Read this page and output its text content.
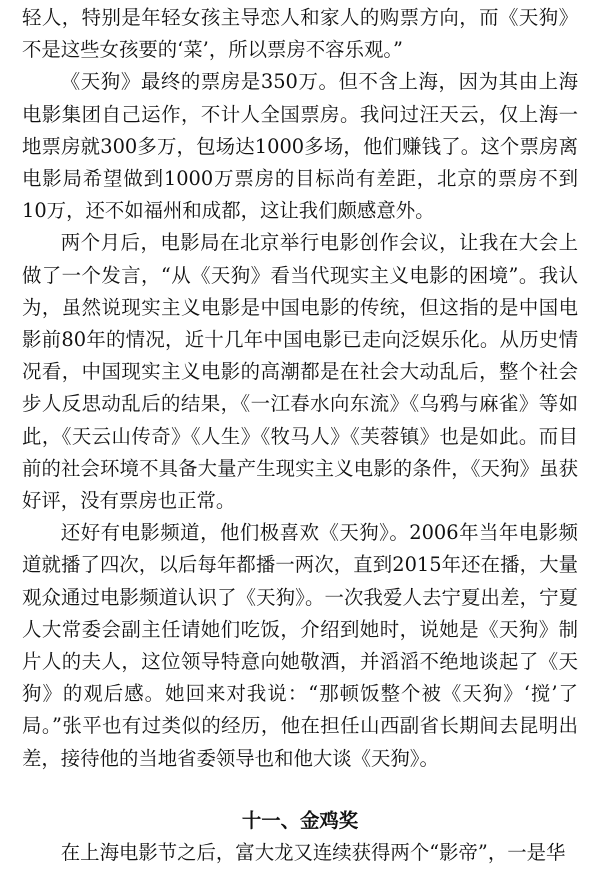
轻人，特别是年轻女孩主导恋人和家人的购票方向，而《天狗》不是这些女孩要的‘菜’，所以票房不容乐观。”

《天狗》最终的票房是350万。但不含上海，因为其由上海电影集团自己运作，不计人全国票房。我问过汪天云，仅上海一地票房就300多万，包场达1000多场，他们赚钱了。这个票房离电影局希望做到1000万票房的目标尚有差距，北京的票房不到10万，还不如福州和成都，这让我们颇感意外。

两个月后，电影局在北京举行电影创作会议，让我在大会上做了一个发言，“从《天狗》看当代现实主义电影的困境”。我认为，虽然说现实主义电影是中国电影的传统，但这指的是中国电影前80年的情况，近十几年中国电影已走向泛娱乐化。从历史情况看，中国现实主义电影的高潮都是在社会大动乱后，整个社会步人反思动乱后的结果，《一江春水向东流》《乌鸦与麻雀》等如此，《天云山传奇》《人生》《牧马人》《芙蓉镇》也是如此。而目前的社会环境不具备大量产生现实主义电影的条件，《天狗》虽获好评，没有票房也正常。

还好有电影频道，他们极喜欢《天狗》。2006年当年电影频道就播了四次，以后每年都播一两次，直到2015年还在播，大量观众通过电影频道认识了《天狗》。一次我爱人去宁夏出差，宁夏人大常委会副主任请她们吃饭，介绍到她时，说她是《天狗》制片人的夫人，这位领导特意向她敬酒，并滔滔不绝地谈起了《天狗》的观后感。她回来对我说：“那顿饭整个被《天狗》‘搅’了局。”张平也有过类似的经历，他在担任山西副省长期间去昆明出差，接待他的当地省委领导也和他大谈《天狗》。

十一、金鸡奖

在上海电影节之后，富大龙又连续获得两个“影帝”，一是华
